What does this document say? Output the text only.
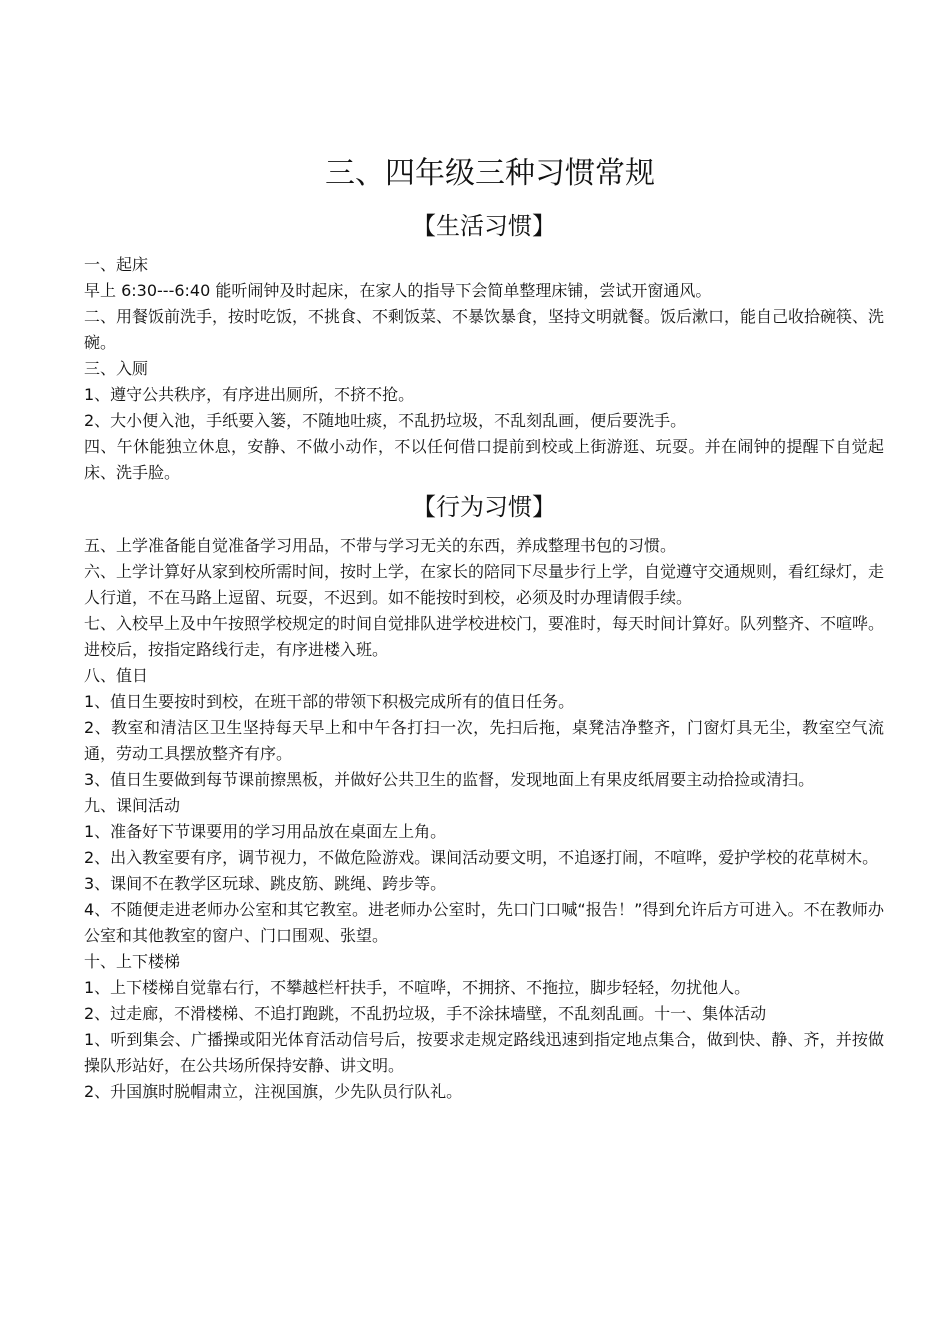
三、四年级三种习惯常规
【生活习惯】

一、起床

早上 6:30---6:40 能听闹钟及时起床，在家人的指导下会简单整理床铺，尝试开窗通风。

二、用餐饭前洗手，按时吃饭，不挑食、不剩饭菜、不暴饮暴食，坚持文明就餐。饭后漱口，能自己收拾碗筷、洗碗。

三、入厕

1、遵守公共秩序，有序进出厕所，不挤不抢。

2、大小便入池，手纸要入篓，不随地吐痰，不乱扔垃圾，不乱刻乱画，便后要洗手。

四、午休能独立休息，安静、不做小动作，不以任何借口提前到校或上街游逛、玩耍。并在闹钟的提醒下自觉起床、洗手脸。

【行为习惯】

五、上学准备能自觉准备学习用品，不带与学习无关的东西，养成整理书包的习惯。

六、上学计算好从家到校所需时间，按时上学，在家长的陪同下尽量步行上学，自觉遵守交通规则，看红绿灯，走人行道，不在马路上逗留、玩耍，不迟到。如不能按时到校，必须及时办理请假手续。

七、入校早上及中午按照学校规定的时间自觉排队进学校进校门，要准时，每天时间计算好。队列整齐、不喧哗。进校后，按指定路线行走，有序进楼入班。

八、值日

1、值日生要按时到校，在班干部的带领下积极完成所有的值日任务。

2、教室和清洁区卫生坚持每天早上和中午各打扫一次，先扫后拖，桌凳洁净整齐，门窗灯具无尘，教室空气流通，劳动工具摆放整齐有序。

3、值日生要做到每节课前擦黑板，并做好公共卫生的监督，发现地面上有果皮纸屑要主动拾捡或清扫。

九、课间活动

1、准备好下节课要用的学习用品放在桌面左上角。

2、出入教室要有序，调节视力，不做危险游戏。课间活动要文明，不追逐打闹，不喧哗，爱护学校的花草树木。

3、课间不在教学区玩球、跳皮筋、跳绳、跨步等。

4、不随便走进老师办公室和其它教室。进老师办公室时，先口门口喊“报告！”得到允许后方可进入。不在教师办公室和其他教室的窗户、门口围观、张望。

十、上下楼梯

1、上下楼梯自觉靠右行，不攀越栏杆扶手，不喧哗，不拥挤、不拖拉，脚步轻轻，勿扰他人。

2、过走廊，不滑楼梯、不追打跑跳，不乱扔垃圾，手不涂抹墙壁，不乱刻乱画。十一、集体活动

1、听到集会、广播操或阳光体育活动信号后，按要求走规定路线迅速到指定地点集合，做到快、静、齐，并按做操队形站好，在公共场所保持安静、讲文明。

2、升国旗时脱帽肃立，注视国旗，少先队员行队礼。
